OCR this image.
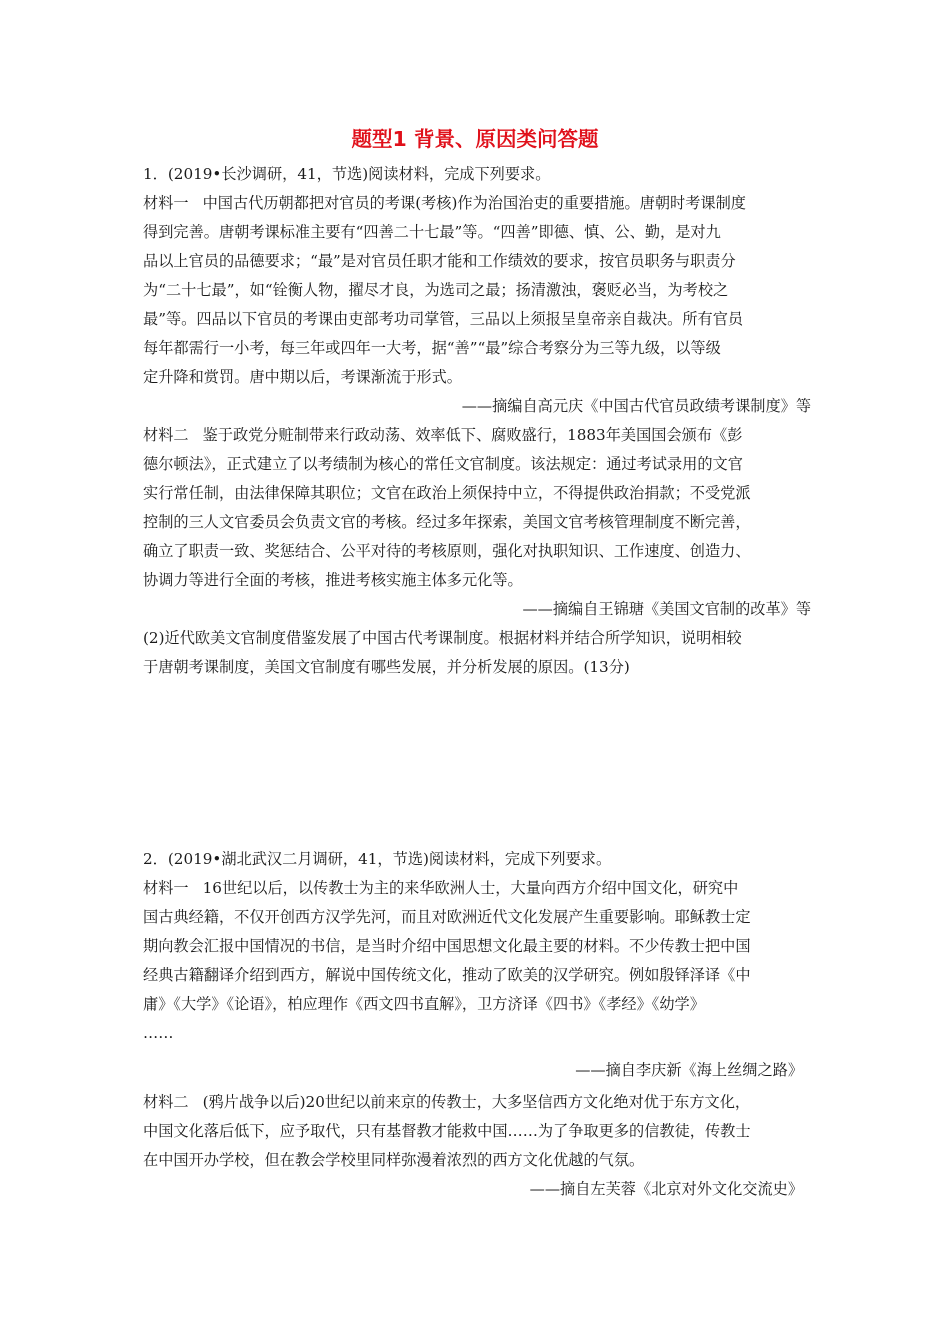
题型1 背景、原因类问答题

1．(2019•长沙调研，41，节选)阅读材料，完成下列要求。

材料一 中国古代历朝都把对官员的考课(考核)作为治国治吏的重要措施。唐朝时考课制度

得到完善。唐朝考课标准主要有“四善二十七最”等。“四善”即德、慎、公、勤，是对九

品以上官员的品德要求；“最”是对官员任职才能和工作绩效的要求，按官员职务与职责分

为“二十七最”，如“铨衡人物，擢尽才良，为选司之最；扬清激浊，褒贬必当，为考校之

最”等。四品以下官员的考课由吏部考功司掌管，三品以上须报呈皇帝亲自裁决。所有官员

每年都需行一小考，每三年或四年一大考，据“善”“最”综合考察分为三等九级，以等级

定升降和赏罚。唐中期以后，考课渐流于形式。

——摘编自高元庆《中国古代官员政绩考课制度》等

材料二 鉴于政党分赃制带来行政动荡、效率低下、腐败盛行，1883年美国国会颁布《彭

德尔顿法》，正式建立了以考绩制为核心的常任文官制度。该法规定：通过考试录用的文官

实行常任制，由法律保障其职位；文官在政治上须保持中立，不得提供政治捐款；不受党派

控制的三人文官委员会负责文官的考核。经过多年探索，美国文官考核管理制度不断完善，

确立了职责一致、奖惩结合、公平对待的考核原则，强化对执职知识、工作速度、创造力、

协调力等进行全面的考核，推进考核实施主体多元化等。

——摘编自王锦瑭《美国文官制的改革》等

(2)近代欧美文官制度借鉴发展了中国古代考课制度。根据材料并结合所学知识，说明相较

于唐朝考课制度，美国文官制度有哪些发展，并分析发展的原因。(13分)

2．(2019•湖北武汉二月调研，41，节选)阅读材料，完成下列要求。

材料一 16世纪以后，以传教士为主的来华欧洲人士，大量向西方介绍中国文化，研究中

国古典经籍，不仅开创西方汉学先河，而且对欧洲近代文化发展产生重要影响。耶稣教士定

期向教会汇报中国情况的书信，是当时介绍中国思想文化最主要的材料。不少传教士把中国

经典古籍翻译介绍到西方，解说中国传统文化，推动了欧美的汉学研究。例如殷铎泽译《中

庸》《大学》《论语》，柏应理作《西文四书直解》，卫方济译《四书》《孝经》《幼学》

……

——摘自李庆新《海上丝绸之路》

材料二 (鸦片战争以后)20世纪以前来京的传教士，大多坚信西方文化绝对优于东方文化，

中国文化落后低下，应予取代，只有基督教才能救中国……为了争取更多的信教徒，传教士

在中国开办学校，但在教会学校里同样弥漫着浓烈的西方文化优越的气氛。

——摘自左芙蓉《北京对外文化交流史》
